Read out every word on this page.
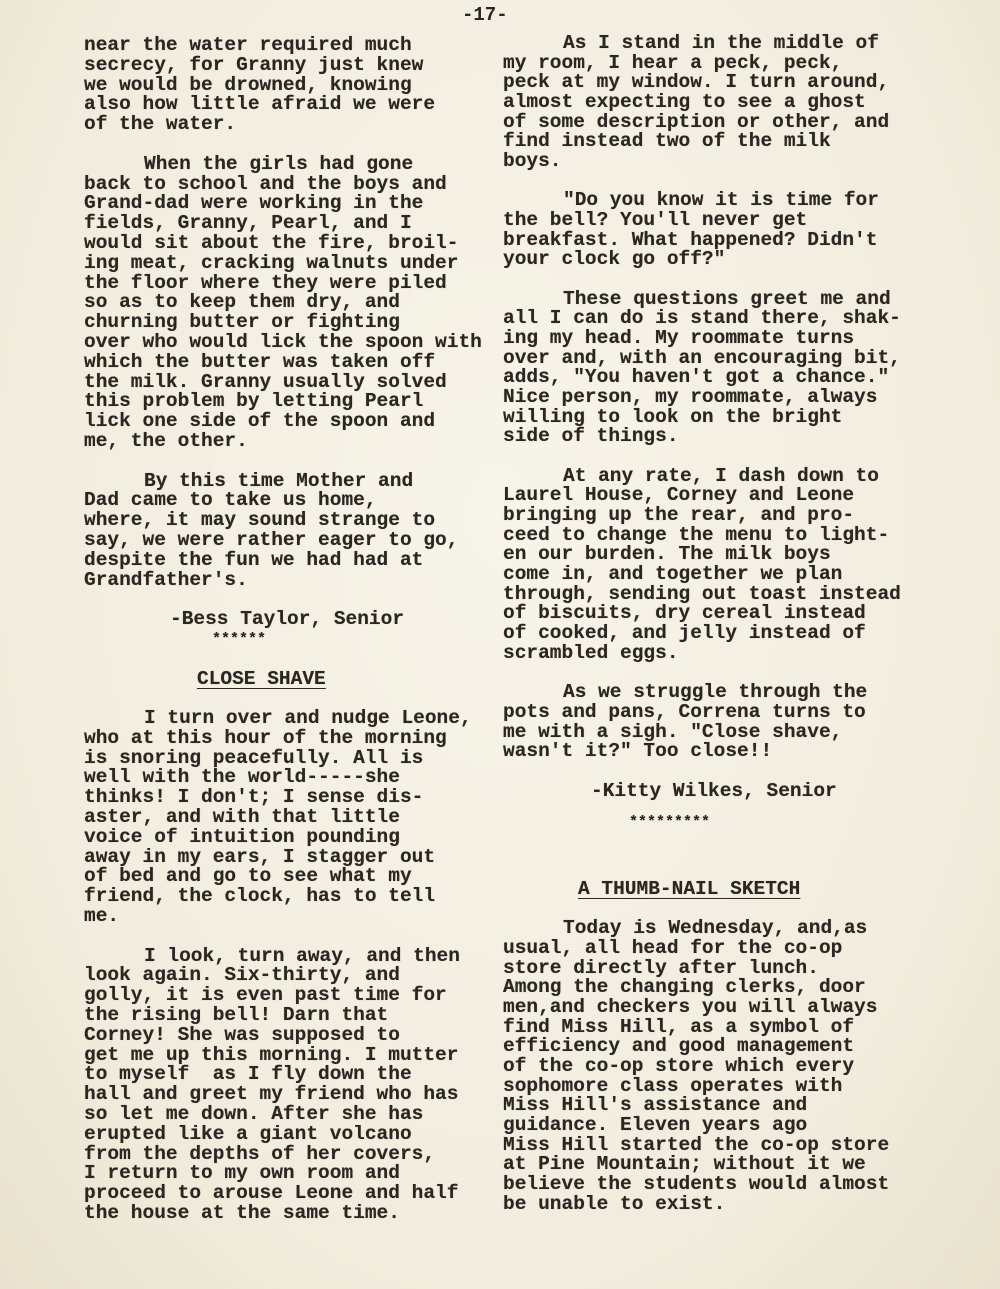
-17-
near the water required much
secrecy, for Granny just knew
we would be drowned, knowing
also how little afraid we were
of the water.
When the girls had gone
back to school and the boys and
Grand-dad were working in the
fields, Granny, Pearl, and I
would sit about the fire, broil-
ing meat, cracking walnuts under
the floor where they were piled
so as to keep them dry, and
churning butter or fighting
over who would lick the spoon with
which the butter was taken off
the milk. Granny usually solved
this problem by letting Pearl
lick one side of the spoon and
me, the other.
By this time Mother and
Dad came to take us home,
where, it may sound strange to
say, we were rather eager to go,
despite the fun we had had at
Grandfather's.
-Bess Taylor, Senior
******
CLOSE SHAVE
I turn over and nudge Leone,
who at this hour of the morning
is snoring peacefully. All is
well with the world-----she
thinks! I don't; I sense dis-
aster, and with that little
voice of intuition pounding
away in my ears, I stagger out
of bed and go to see what my
friend, the clock, has to tell
me.
I look, turn away, and then
look again. Six-thirty, and
golly, it is even past time for
the rising bell! Darn that
Corney! She was supposed to
get me up this morning. I mutter
to myself  as I fly down the
hall and greet my friend who has
so let me down. After she has
erupted like a giant volcano
from the depths of her covers,
I return to my own room and
proceed to arouse Leone and half
the house at the same time.
As I stand in the middle of
my room, I hear a peck, peck,
peck at my window. I turn around,
almost expecting to see a ghost
of some description or other, and
find instead two of the milk
boys.
"Do you know it is time for
the bell? You'll never get
breakfast. What happened? Didn't
your clock go off?"
These questions greet me and
all I can do is stand there, shak-
ing my head. My roommate turns
over and, with an encouraging bit,
adds, "You haven't got a chance."
Nice person, my roommate, always
willing to look on the bright
side of things.
At any rate, I dash down to
Laurel House, Corney and Leone
bringing up the rear, and pro-
ceed to change the menu to light-
en our burden. The milk boys
come in, and together we plan
through, sending out toast instead
of biscuits, dry cereal instead
of cooked, and jelly instead of
scrambled eggs.
As we struggle through the
pots and pans, Correna turns to
me with a sigh. "Close shave,
wasn't it?" Too close!!
-Kitty Wilkes, Senior
*********
A THUMB-NAIL SKETCH
Today is Wednesday, and,as
usual, all head for the co-op
store directly after lunch.
Among the changing clerks, door
men,and checkers you will always
find Miss Hill, as a symbol of
efficiency and good management
of the co-op store which every
sophomore class operates with
Miss Hill's assistance and
guidance. Eleven years ago
Miss Hill started the co-op store
at Pine Mountain; without it we
believe the students would almost
be unable to exist.
